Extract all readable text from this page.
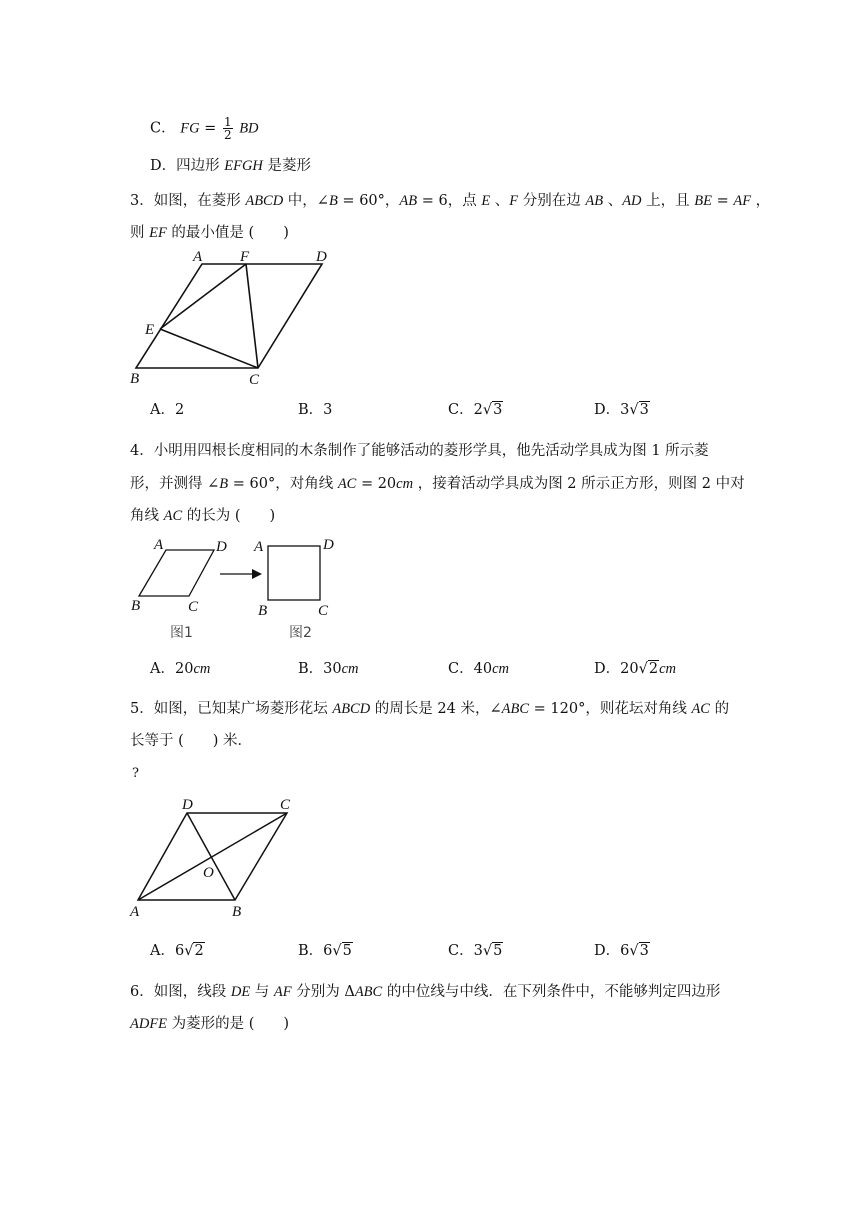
C． FG = $\frac{1}{2}$ BD
D．四边形 EFGH 是菱形
3．如图，在菱形 ABCD 中，∠B = 60°，AB = 6，点 E 、F 分别在边 AB 、AD 上，且 BE = AF ，
则 EF 的最小值是 (　　)
A	F	D
E
B	C
A．2	B．3	C．2√3	D．3√3
4．小明用四根长度相同的木条制作了能够活动的菱形学具，他先活动学具成为图 1 所示菱
形，并测得 ∠B = 60°，对角线 AC = 20cm ，接着活动学具成为图 2 所示正方形，则图 2 中对
角线 AC 的长为 (　　)
A	D
B	C
A	D
B	C
图1	图2
A．20cm	B．30cm	C．40cm	D．20√2cm
5．如图，已知某广场菱形花坛 ABCD 的周长是 24 米，∠ABC = 120°，则花坛对角线 AC 的
长等于 (　　) 米．
?
D	C
O
A	B
A．6√2	B．6√5	C．3√5	D．6√3
6．如图，线段 DE 与 AF 分别为 ΔABC 的中位线与中线．在下列条件中，不能够判定四边形
ADFE 为菱形的是 (　　)
